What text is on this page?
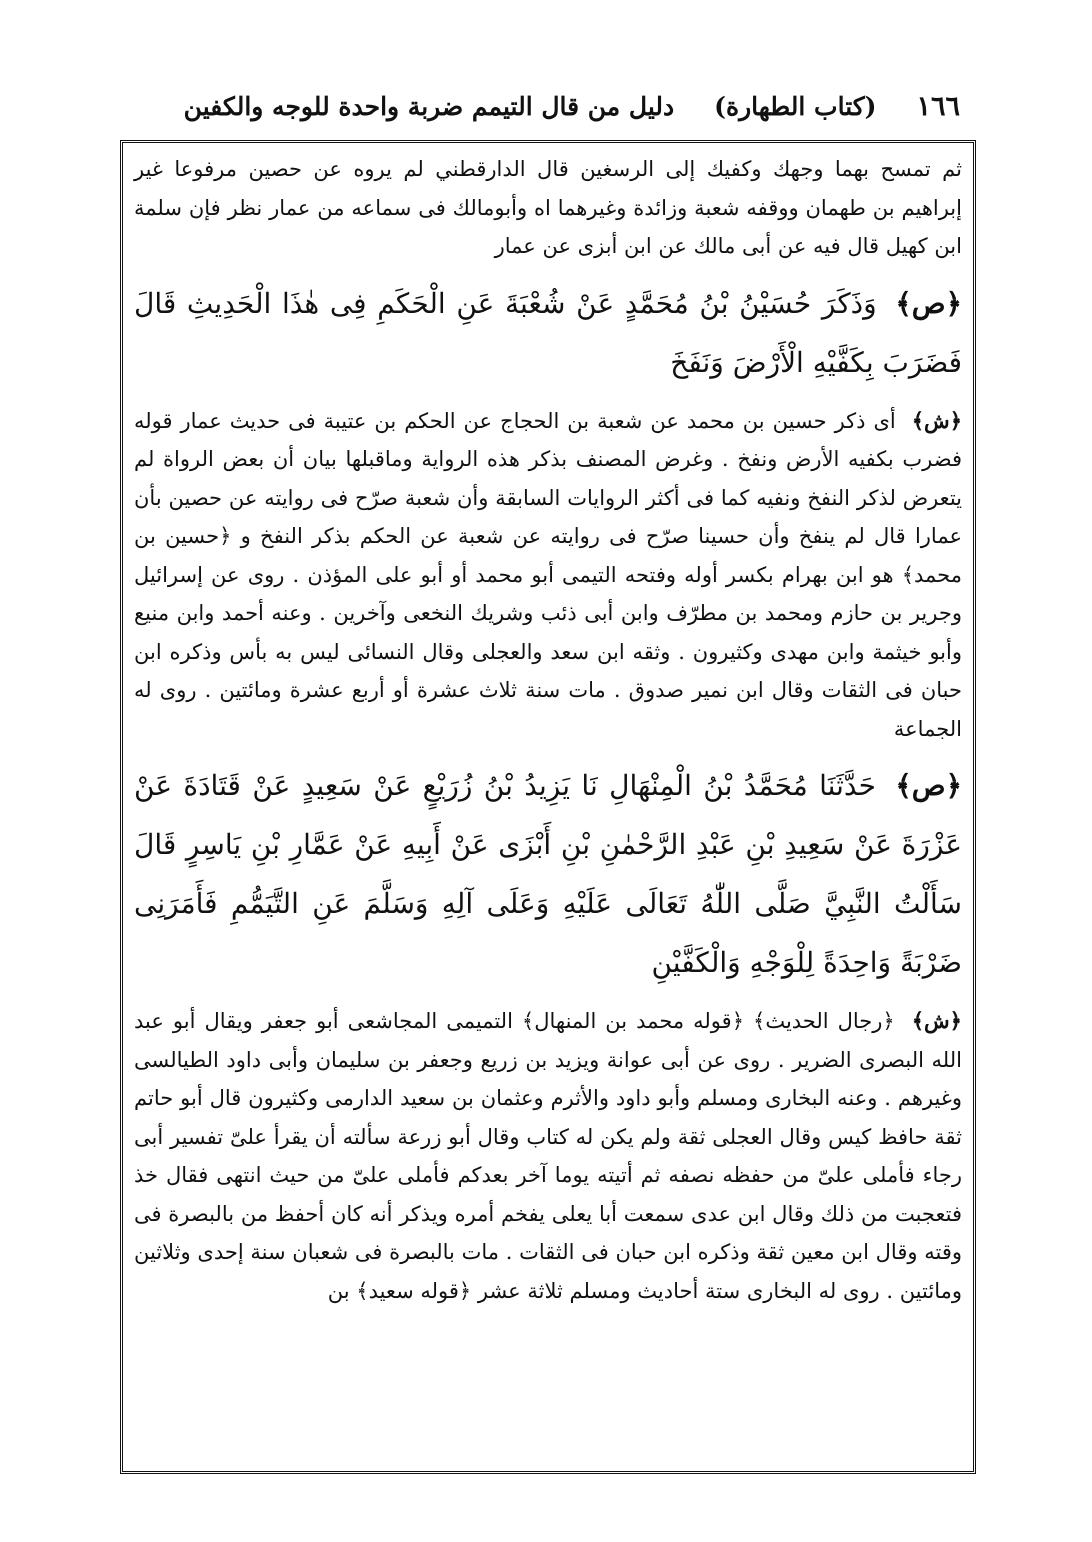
١٦٦
(كتاب الطهارة)
دليل من قال التيمم ضربة واحدة للوجه والكفين

ثم تمسح بهما وجهك وكفيك إلى الرسغين قال الدارقطني لم يروه عن حصين مرفوعا غير إبراهيم بن طهمان ووقفه شعبة وزائدة وغيرهما اه وأبومالك فى سماعه من عمار نظر فإن سلمة ابن كهيل قال فيه عن أبى مالك عن ابن أبزى عن عمار

﴿ص﴾ وَذَكَرَ حُسَيْنُ بْنُ مُحَمَّدٍ عَنْ شُعْبَةَ عَنِ الْحَكَمِ فِى هٰذَا الْحَدِيثِ قَالَ فَضَرَبَ بِكَفَّيْهِ الْأَرْضَ وَنَفَخَ

﴿ش﴾ أى ذكر حسين بن محمد عن شعبة بن الحجاج عن الحكم بن عتيبة فى حديث عمار قوله فضرب بكفيه الأرض ونفخ . وغرض المصنف بذكر هذه الرواية وماقبلها بيان أن بعض الرواة لم يتعرض لذكر النفخ ونفيه كما فى أكثر الروايات السابقة وأن شعبة صرّح فى روايته عن حصين بأن عمارا قال لم ينفخ وأن حسينا صرّح فى روايته عن شعبة عن الحكم بذكر النفخ و ﴿حسين بن محمد﴾ هو ابن بهرام بكسر أوله وفتحه التيمى أبو محمد أو أبو على المؤذن . روى عن إسرائيل وجرير بن حازم ومحمد بن مطرّف وابن أبى ذئب وشريك النخعى وآخرين . وعنه أحمد وابن منيع وأبو خيثمة وابن مهدى وكثيرون . وثقه ابن سعد والعجلى وقال النسائى ليس به بأس وذكره ابن حبان فى الثقات وقال ابن نمير صدوق . مات سنة ثلاث عشرة أو أربع عشرة ومائتين . روى له الجماعة

﴿ص﴾ حَدَّثَنَا مُحَمَّدُ بْنُ الْمِنْهَالِ نَا يَزِيدُ بْنُ زُرَيْعٍ عَنْ سَعِيدٍ عَنْ قَتَادَةَ عَنْ عَزْرَةَ عَنْ سَعِيدِ بْنِ عَبْدِ الرَّحْمٰنِ بْنِ أَبْزَى عَنْ أَبِيهِ عَنْ عَمَّارِ بْنِ يَاسِرٍ قَالَ سَأَلْتُ النَّبِيَّ صَلَّى اللّٰهُ تَعَالَى عَلَيْهِ وَعَلَى آلِهِ وَسَلَّمَ عَنِ التَّيَمُّمِ فَأَمَرَنِى ضَرْبَةً وَاحِدَةً لِلْوَجْهِ وَالْكَفَّيْنِ

﴿ش﴾ ﴿رجال الحديث﴾ ﴿قوله محمد بن المنهال﴾ التميمى المجاشعى أبو جعفر ويقال أبو عبد الله البصرى الضرير . روى عن أبى عوانة ويزيد بن زريع وجعفر بن سليمان وأبى داود الطيالسى وغيرهم . وعنه البخارى ومسلم وأبو داود والأثرم وعثمان بن سعيد الدارمى وكثيرون قال أبو حاتم ثقة حافظ كيس وقال العجلى ثقة ولم يكن له كتاب وقال أبو زرعة سألته أن يقرأ علىّ تفسير أبى رجاء فأملى علىّ من حفظه نصفه ثم أتيته يوما آخر بعدكم فأملى علىّ من حيث انتهى فقال خذ فتعجبت من ذلك وقال ابن عدى سمعت أبا يعلى يفخم أمره ويذكر أنه كان أحفظ من بالبصرة فى وقته وقال ابن معين ثقة وذكره ابن حبان فى الثقات . مات بالبصرة فى شعبان سنة إحدى وثلاثين ومائتين . روى له البخارى ستة أحاديث ومسلم ثلاثة عشر ﴿قوله سعيد﴾ بن
